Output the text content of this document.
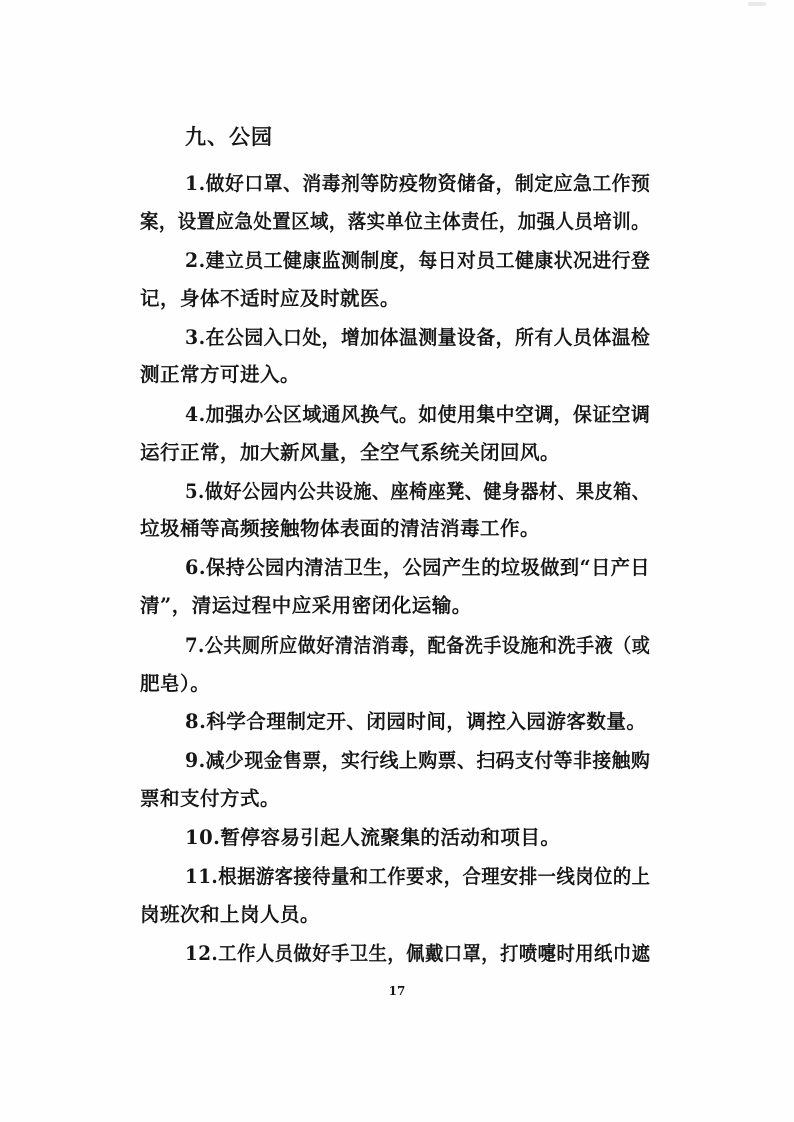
九、公园
1.做好口罩、消毒剂等防疫物资储备，制定应急工作预
案，设置应急处置区域，落实单位主体责任，加强人员培训。
2.建立员工健康监测制度，每日对员工健康状况进行登
记，身体不适时应及时就医。
3.在公园入口处，增加体温测量设备，所有人员体温检
测正常方可进入。
4.加强办公区域通风换气。如使用集中空调，保证空调
运行正常，加大新风量，全空气系统关闭回风。
5.做好公园内公共设施、座椅座凳、健身器材、果皮箱、
垃圾桶等高频接触物体表面的清洁消毒工作。
6.保持公园内清洁卫生，公园产生的垃圾做到“日产日
清”，清运过程中应采用密闭化运输。
7.公共厕所应做好清洁消毒，配备洗手设施和洗手液（或
肥皂）。
8.科学合理制定开、闭园时间，调控入园游客数量。
9.减少现金售票，实行线上购票、扫码支付等非接触购
票和支付方式。
10.暂停容易引起人流聚集的活动和项目。
11.根据游客接待量和工作要求，合理安排一线岗位的上
岗班次和上岗人员。
12.工作人员做好手卫生，佩戴口罩，打喷嚏时用纸巾遮
17
